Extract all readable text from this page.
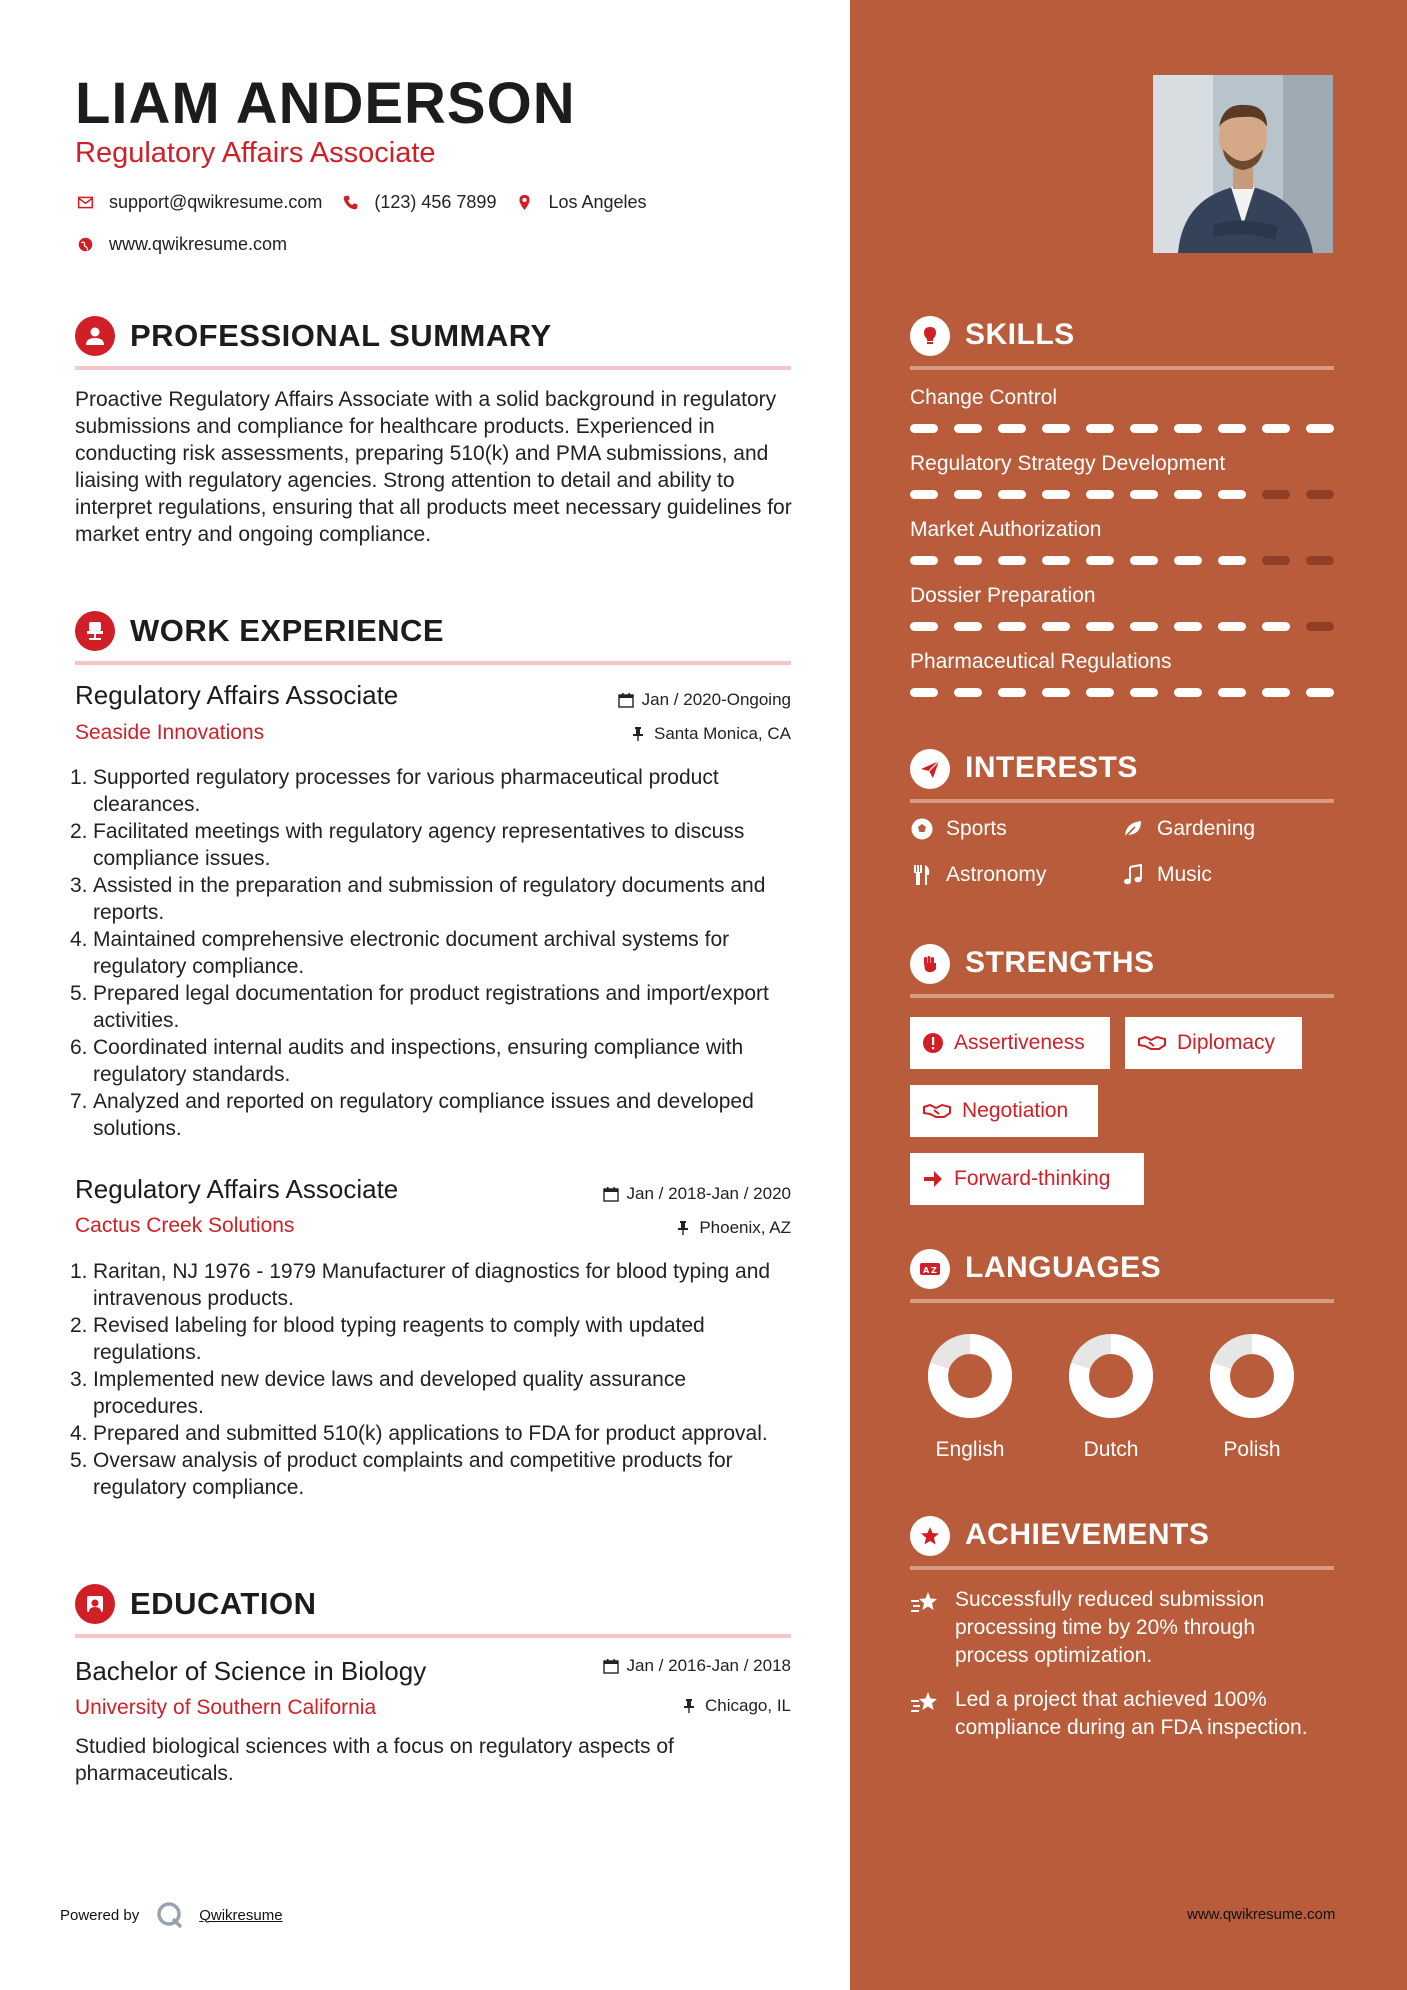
LIAM ANDERSON
Regulatory Affairs Associate
support@qwikresume.com	(123) 456 7899	Los Angeles
www.qwikresume.com
PROFESSIONAL SUMMARY
Proactive Regulatory Affairs Associate with a solid background in regulatory submissions and compliance for healthcare products. Experienced in conducting risk assessments, preparing 510(k) and PMA submissions, and liaising with regulatory agencies. Strong attention to detail and ability to interpret regulations, ensuring that all products meet necessary guidelines for market entry and ongoing compliance.
WORK EXPERIENCE
Regulatory Affairs Associate	Jan / 2020-Ongoing
Seaside Innovations	Santa Monica, CA
1. Supported regulatory processes for various pharmaceutical product clearances.
2. Facilitated meetings with regulatory agency representatives to discuss compliance issues.
3. Assisted in the preparation and submission of regulatory documents and reports.
4. Maintained comprehensive electronic document archival systems for regulatory compliance.
5. Prepared legal documentation for product registrations and import/export activities.
6. Coordinated internal audits and inspections, ensuring compliance with regulatory standards.
7. Analyzed and reported on regulatory compliance issues and developed solutions.
Regulatory Affairs Associate	Jan / 2018-Jan / 2020
Cactus Creek Solutions	Phoenix, AZ
1. Raritan, NJ 1976 - 1979 Manufacturer of diagnostics for blood typing and intravenous products.
2. Revised labeling for blood typing reagents to comply with updated regulations.
3. Implemented new device laws and developed quality assurance procedures.
4. Prepared and submitted 510(k) applications to FDA for product approval.
5. Oversaw analysis of product complaints and competitive products for regulatory compliance.
EDUCATION
Bachelor of Science in Biology	Jan / 2016-Jan / 2018
University of Southern California	Chicago, IL
Studied biological sciences with a focus on regulatory aspects of pharmaceuticals.
Powered by	Qwikresume
SKILLS
Change Control
Regulatory Strategy Development
Market Authorization
Dossier Preparation
Pharmaceutical Regulations
INTERESTS
Sports	Gardening
Astronomy	Music
STRENGTHS
Assertiveness	Diplomacy
Negotiation
Forward-thinking
A Z LANGUAGES
English	Dutch	Polish
ACHIEVEMENTS
Successfully reduced submission processing time by 20% through process optimization.
Led a project that achieved 100% compliance during an FDA inspection.
www.qwikresume.com
